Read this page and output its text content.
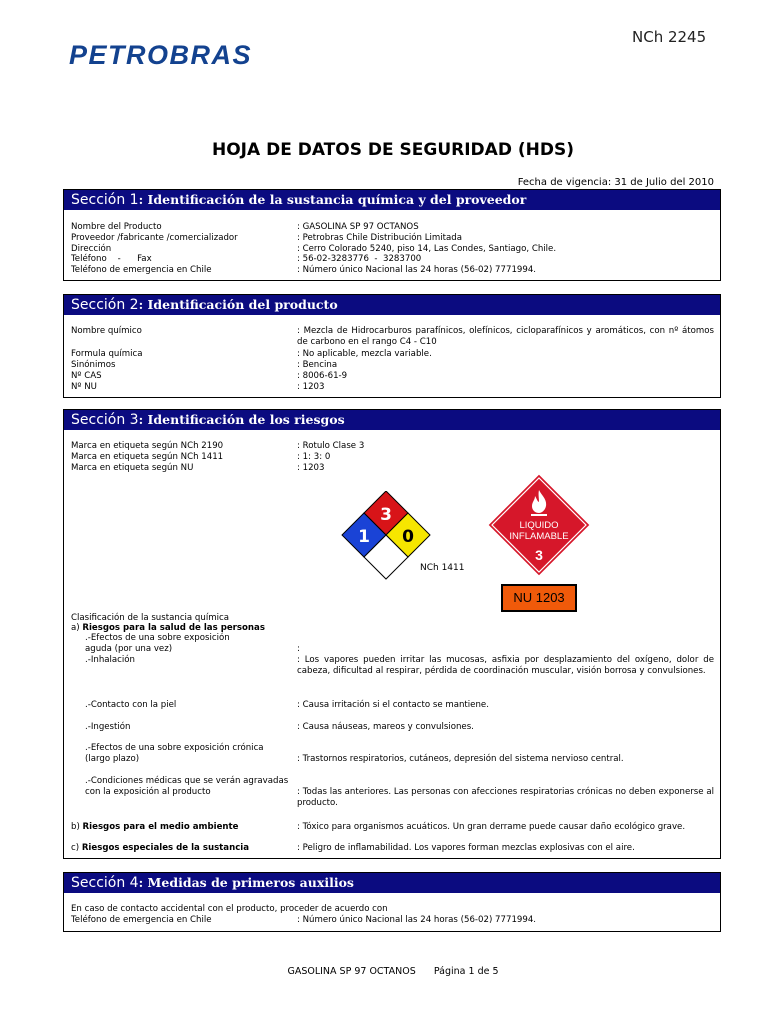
PETROBRAS
NCh 2245
HOJA DE DATOS DE SEGURIDAD (HDS)
Fecha de vigencia: 31 de Julio del 2010
Sección 1: Identificación de la sustancia química y del proveedor
Nombre del Producto	: GASOLINA SP 97 OCTANOS
Proveedor /fabricante /comercializador	: Petrobras Chile Distribución Limitada
Dirección	: Cerro Colorado 5240, piso 14, Las Condes, Santiago, Chile.
Teléfono    -      Fax	: 56-02-3283776  -  3283700
Teléfono de emergencia en Chile	: Número único Nacional las 24 horas (56-02) 7771994.
Sección 2: Identificación del producto
Nombre químico	: Mezcla de Hidrocarburos parafínicos, olefínicos, cicloparafínicos y aromáticos, con nº átomos de carbono en el rango C4 - C10
Formula química	: No aplicable, mezcla variable.
Sinónimos	: Bencina
Nº CAS	: 8006-61-9
Nº NU	: 1203
Sección 3: Identificación de los riesgos
Marca en etiqueta según NCh 2190	: Rotulo Clase 3
Marca en etiqueta según NCh 1411	: 1: 3: 0
Marca en etiqueta según NU	: 1203
3
1 0
NCh 1411
LIQUIDO
INFLAMABLE
3
NU 1203
Clasificación de la sustancia química
a) Riesgos para la salud de las personas
.-Efectos de una sobre exposición aguda (por una vez)	:
.-Inhalación	: Los vapores pueden irritar las mucosas, asfixia por desplazamiento del oxígeno, dolor de cabeza, dificultad al respirar, pérdida de coordinación muscular, visión borrosa y convulsiones.
.-Contacto con la piel	: Causa irritación si el contacto se mantiene.
.-Ingestión	: Causa náuseas, mareos y convulsiones.
.-Efectos de una sobre exposición crónica (largo plazo)	: Trastornos respiratorios, cutáneos, depresión del sistema nervioso central.
.-Condiciones médicas que se verán agravadas con la exposición al producto	: Todas las anteriores. Las personas con afecciones respiratorias crónicas no deben exponerse al producto.
b) Riesgos para el medio ambiente	: Tóxico para organismos acuáticos. Un gran derrame puede causar daño ecológico grave.
c) Riesgos especiales de la sustancia	: Peligro de inflamabilidad. Los vapores forman mezclas explosivas con el aire.
Sección 4: Medidas de primeros auxilios
En caso de contacto accidental con el producto, proceder de acuerdo con
Teléfono de emergencia en Chile	: Número único Nacional las 24 horas (56-02) 7771994.
GASOLINA SP 97 OCTANOS Página 1 de 5
